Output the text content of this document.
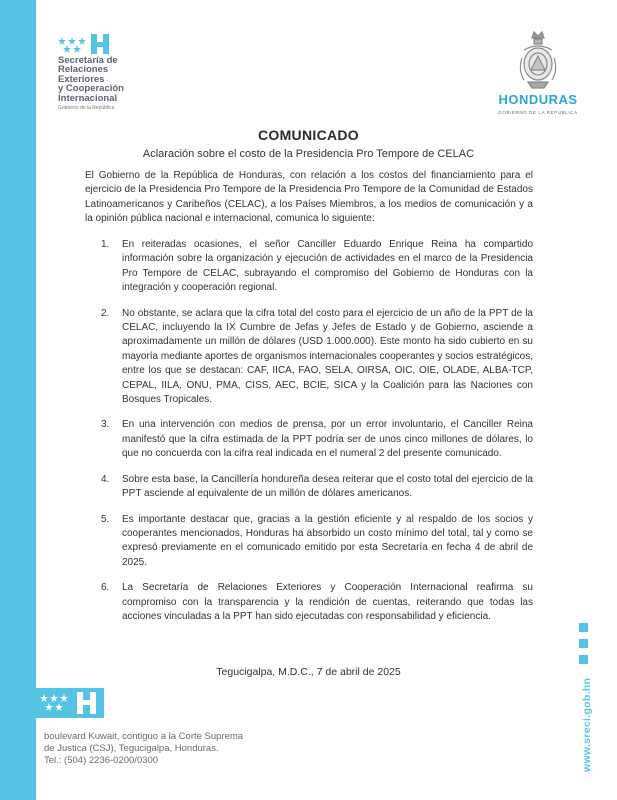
Secretaría de
Relaciones
Exteriores
y Cooperación
Internacional
Gobierno de la República
HONDURAS
GOBIERNO DE LA REPÚBLICA
COMUNICADO
Aclaración sobre el costo de la Presidencia Pro Tempore de CELAC
El Gobierno de la República de Honduras, con relación a los costos del financiamiento para el ejercicio de la Presidencia Pro Tempore de la Presidencia Pro Tempore de la Comunidad de Estados Latinoamericanos y Caribeños (CELAC), a los Países Miembros, a los medios de comunicación y a la opinión pública nacional e internacional, comunica lo siguiente:
1. En reiteradas ocasiones, el señor Canciller Eduardo Enrique Reina ha compartido información sobre la organización y ejecución de actividades en el marco de la Presidencia Pro Tempore de CELAC, subrayando el compromiso del Gobierno de Honduras con la integración y cooperación regional.
2. No obstante, se aclara que la cifra total del costo para el ejercicio de un año de la PPT de la CELAC, incluyendo la IX Cumbre de Jefas y Jefes de Estado y de Gobierno, asciende a aproximadamente un millón de dólares (USD 1.000.000). Este monto ha sido cubierto en su mayoría mediante aportes de organismos internacionales cooperantes y socios estratégicos, entre los que se destacan: CAF, IICA, FAO, SELA, OIRSA, OIC, OIE, OLADE, ALBA-TCP, CEPAL, IILA, ONU, PMA, CISS, AEC, BCIE, SICA y la Coalición para las Naciones con Bosques Tropicales.
3. En una intervención con medios de prensa, por un error involuntario, el Canciller Reina manifestó que la cifra estimada de la PPT podría ser de unos cinco millones de dólares, lo que no concuerda con la cifra real indicada en el numeral 2 del presente comunicado.
4. Sobre esta base, la Cancillería hondureña desea reiterar que el costo total del ejercicio de la PPT asciende al equivalente de un millón de dólares americanos.
5. Es importante destacar que, gracias a la gestión eficiente y al respaldo de los socios y cooperantes mencionados, Honduras ha absorbido un costo mínimo del total, tal y como se expresó previamente en el comunicado emitido por esta Secretaría en fecha 4 de abril de 2025.
6. La Secretaría de Relaciones Exteriores y Cooperación Internacional reafirma su compromiso con la transparencia y la rendición de cuentas, reiterando que todas las acciones vinculadas a la PPT han sido ejecutadas con responsabilidad y eficiencia.
Tegucigalpa, M.D.C., 7 de abril de 2025
boulevard Kuwait, contiguo a la Corte Suprema
de Justica (CSJ), Tegucigalpa, Honduras.
Tel.: (504) 2236-0200/0300	www.sreci.gob.hn
